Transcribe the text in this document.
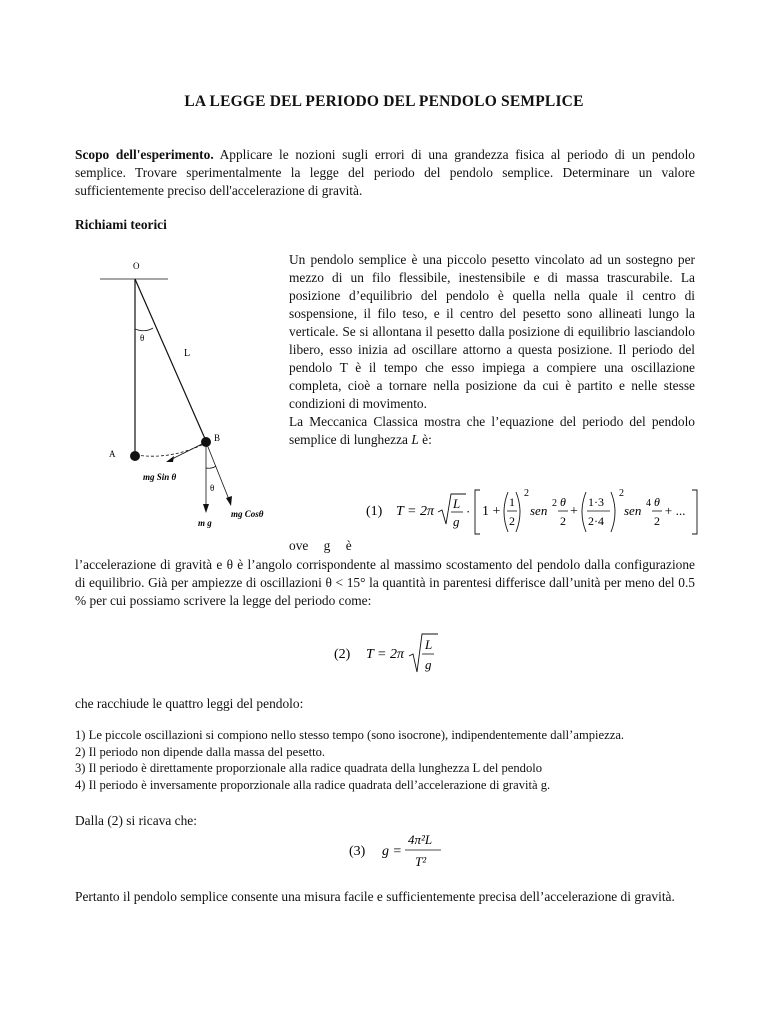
LA LEGGE DEL PERIODO DEL PENDOLO SEMPLICE
Scopo dell'esperimento. Applicare le nozioni sugli errori di una grandezza fisica al periodo di un pendolo semplice. Trovare sperimentalmente la legge del periodo del pendolo semplice. Determinare un valore sufficientemente preciso dell'accelerazione di gravità.
Richiami teorici
O
θ
L
A
B
θ
mg Sin θ
mg Cosθ
m g
Un pendolo semplice è una piccolo pesetto vincolato ad un sostegno per mezzo di un filo flessibile, inestensibile e di massa trascurabile. La posizione d’equilibrio del pendolo è quella nella quale il centro di sospensione, il filo teso, e il centro del pesetto sono allineati lungo la verticale. Se si allontana il pesetto dalla posizione di equilibrio lasciandolo libero, esso inizia ad oscillare attorno a questa posizione. Il periodo del pendolo T è il tempo che esso impiega a compiere una oscillazione completa, cioè a tornare nella posizione da cui è partito e nelle stesse condizioni di movimento.
La Meccanica Classica mostra che l’equazione del periodo del pendolo semplice di lunghezza L è:
(1) T = 2π
L
g
· 1 +
1
2
2
sen 2 θ
2
+
1·3
2·4
2
sen 4 θ
2
+ ...
ove g è
l’accelerazione di gravità e θ è l’angolo corrispondente al massimo scostamento del pendolo dalla configurazione di equilibrio. Già per ampiezze di oscillazioni θ < 15° la quantità in parentesi differisce dall’unità per meno del 0.5 % per cui possiamo scrivere la legge del periodo come:
(2) T = 2π
L
g
che racchiude le quattro leggi del pendolo:
1) Le piccole oscillazioni si compiono nello stesso tempo (sono isocrone), indipendentemente dall’ampiezza.
2) Il periodo non dipende dalla massa del pesetto.
3) Il periodo è direttamente proporzionale alla radice quadrata della lunghezza L del pendolo
4) Il periodo è inversamente proporzionale alla radice quadrata dell’accelerazione di gravità g.
Dalla (2) si ricava che:
(3) g =
4π²L
T²
Pertanto il pendolo semplice consente una misura facile e sufficientemente precisa dell’accelerazione di gravità.
